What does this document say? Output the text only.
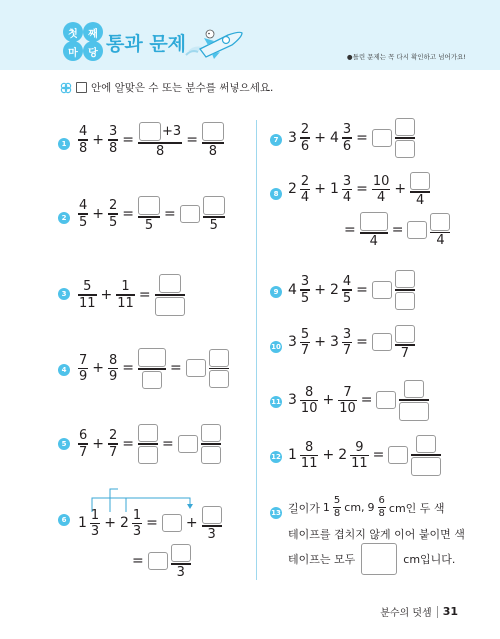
첫	째
마	당 통과 문제
●틀린 문제는 꼭 다시 확인하고 넘어가요!
안에 알맞은 수 또는 분수를 써넣으세요.
1
2
3
4
5
6
7
8
9
10
11
12
13
4
8
+
3
8
=
+3
8
=
8
4
5
+
2
5
=
5
=
5
5
11
+
1
11
=
7
9
+
8
9
=	=
6
7
+
2
7
= =
1
1
3
+ 2
1
3
= +
3
=
3
3
2
6
+ 4
3
6
=
2
2
4
+ 1
3
4
=
10
4
+
4
=
4
=
4
4
3
5
+ 2
4
5
=
3
5
7
+ 3
3
7
=
7
3
8
10
+
7
10
=
1
8
11
+ 2
9
11
=
길이가 1
5
8 cm, 9
6
8 cm인 두 색
테이프를 겹치지 않게 이어 붙이면 색
테이프는 모두	cm입니다.
분수의 덧셈 31
